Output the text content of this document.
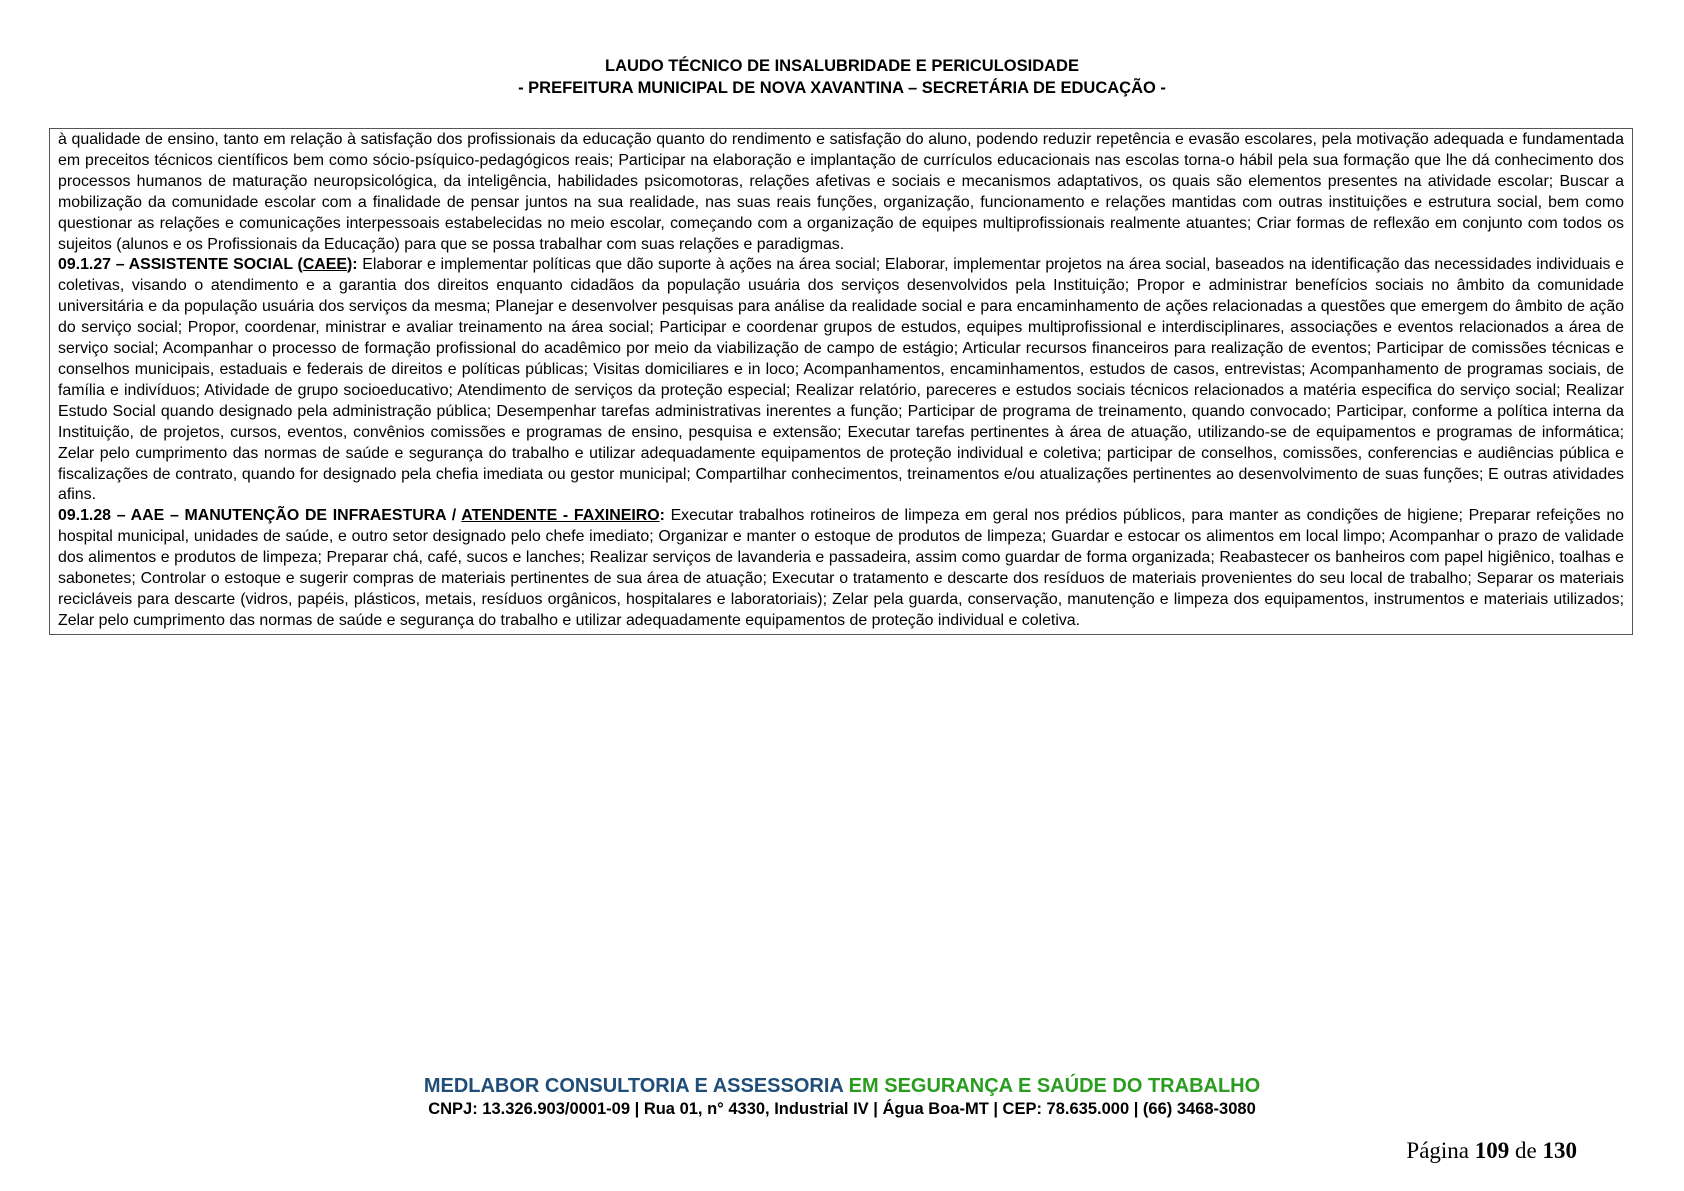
LAUDO TÉCNICO DE INSALUBRIDADE E PERICULOSIDADE
- PREFEITURA MUNICIPAL DE NOVA XAVANTINA – SECRETÁRIA DE EDUCAÇÃO -

à qualidade de ensino, tanto em relação à satisfação dos profissionais da educação quanto do rendimento e satisfação do aluno, podendo reduzir repetência e evasão escolares, pela motivação adequada e fundamentada em preceitos técnicos científicos bem como sócio-psíquico-pedagógicos reais; Participar na elaboração e implantação de currículos educacionais nas escolas torna-o hábil pela sua formação que lhe dá conhecimento dos processos humanos de maturação neuropsicológica, da inteligência, habilidades psicomotoras, relações afetivas e sociais e mecanismos adaptativos, os quais são elementos presentes na atividade escolar; Buscar a mobilização da comunidade escolar com a finalidade de pensar juntos na sua realidade, nas suas reais funções, organização, funcionamento e relações mantidas com outras instituições e estrutura social, bem como questionar as relações e comunicações interpessoais estabelecidas no meio escolar, começando com a organização de equipes multiprofissionais realmente atuantes; Criar formas de reflexão em conjunto com todos os sujeitos (alunos e os Profissionais da Educação) para que se possa trabalhar com suas relações e paradigmas.

09.1.27 – ASSISTENTE SOCIAL (CAEE): Elaborar e implementar políticas que dão suporte à ações na área social; Elaborar, implementar projetos na área social, baseados na identificação das necessidades individuais e coletivas, visando o atendimento e a garantia dos direitos enquanto cidadãos da população usuária dos serviços desenvolvidos pela Instituição; Propor e administrar benefícios sociais no âmbito da comunidade universitária e da população usuária dos serviços da mesma; Planejar e desenvolver pesquisas para análise da realidade social e para encaminhamento de ações relacionadas a questões que emergem do âmbito de ação do serviço social; Propor, coordenar, ministrar e avaliar treinamento na área social; Participar e coordenar grupos de estudos, equipes multiprofissional e interdisciplinares, associações e eventos relacionados a área de serviço social; Acompanhar o processo de formação profissional do acadêmico por meio da viabilização de campo de estágio; Articular recursos financeiros para realização de eventos; Participar de comissões técnicas e conselhos municipais, estaduais e federais de direitos e políticas públicas; Visitas domiciliares e in loco; Acompanhamentos, encaminhamentos, estudos de casos, entrevistas; Acompanhamento de programas sociais, de família e indivíduos; Atividade de grupo socioeducativo; Atendimento de serviços da proteção especial; Realizar relatório, pareceres e estudos sociais técnicos relacionados a matéria especifica do serviço social; Realizar Estudo Social quando designado pela administração pública; Desempenhar tarefas administrativas inerentes a função; Participar de programa de treinamento, quando convocado; Participar, conforme a política interna da Instituição, de projetos, cursos, eventos, convênios comissões e programas de ensino, pesquisa e extensão; Executar tarefas pertinentes à área de atuação, utilizando-se de equipamentos e programas de informática; Zelar pelo cumprimento das normas de saúde e segurança do trabalho e utilizar adequadamente equipamentos de proteção individual e coletiva; participar de conselhos, comissões, conferencias e audiências pública e fiscalizações de contrato, quando for designado pela chefia imediata ou gestor municipal; Compartilhar conhecimentos, treinamentos e/ou atualizações pertinentes ao desenvolvimento de suas funções; E outras atividades afins.

09.1.28 – AAE – MANUTENÇÃO DE INFRAESTURA / ATENDENTE - FAXINEIRO: Executar trabalhos rotineiros de limpeza em geral nos prédios públicos, para manter as condições de higiene; Preparar refeições no hospital municipal, unidades de saúde, e outro setor designado pelo chefe imediato; Organizar e manter o estoque de produtos de limpeza; Guardar e estocar os alimentos em local limpo; Acompanhar o prazo de validade dos alimentos e produtos de limpeza; Preparar chá, café, sucos e lanches; Realizar serviços de lavanderia e passadeira, assim como guardar de forma organizada; Reabastecer os banheiros com papel higiênico, toalhas e sabonetes; Controlar o estoque e sugerir compras de materiais pertinentes de sua área de atuação; Executar o tratamento e descarte dos resíduos de materiais provenientes do seu local de trabalho; Separar os materiais recicláveis para descarte (vidros, papéis, plásticos, metais, resíduos orgânicos, hospitalares e laboratoriais); Zelar pela guarda, conservação, manutenção e limpeza dos equipamentos, instrumentos e materiais utilizados; Zelar pelo cumprimento das normas de saúde e segurança do trabalho e utilizar adequadamente equipamentos de proteção individual e coletiva.

MEDLABOR CONSULTORIA E ASSESSORIA EM SEGURANÇA E SAÚDE DO TRABALHO
CNPJ: 13.326.903/0001-09 | Rua 01, n° 4330, Industrial IV | Água Boa-MT | CEP: 78.635.000 | (66) 3468-3080
Página 109 de 130
